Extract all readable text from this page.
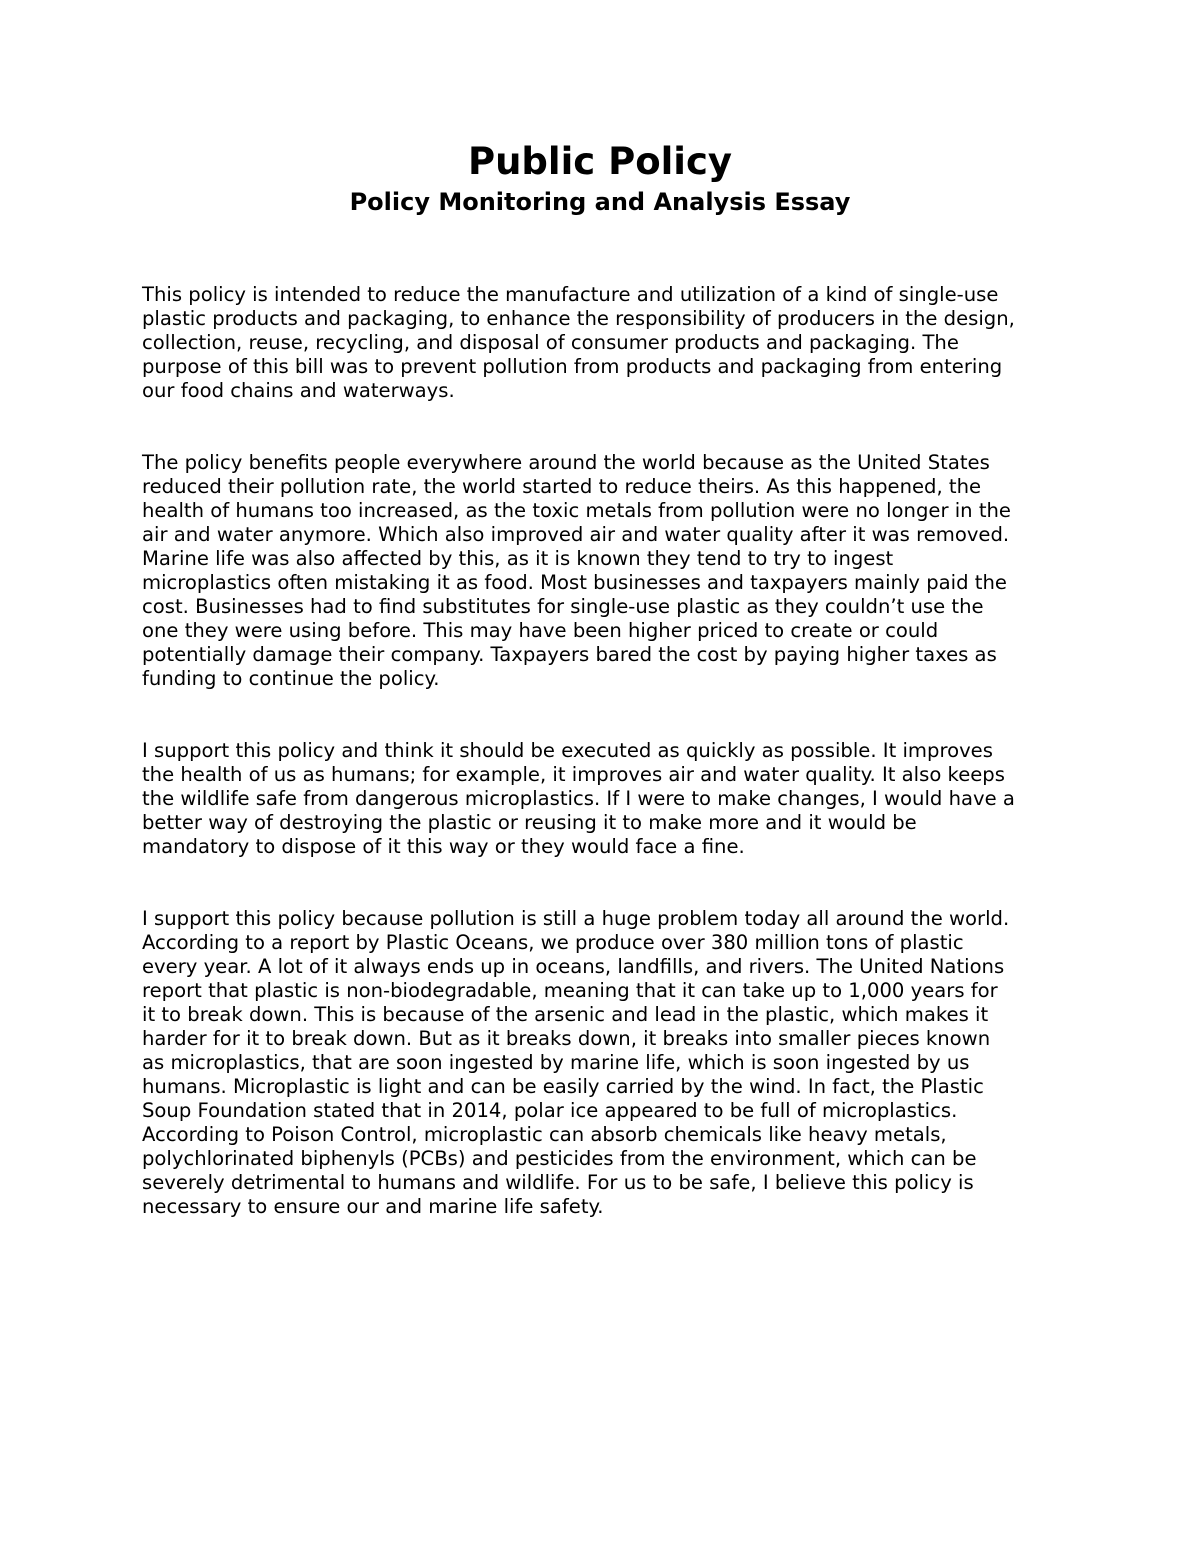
Public Policy
Policy Monitoring and Analysis Essay

This policy is intended to reduce the manufacture and utilization of a kind of single-use
plastic products and packaging, to enhance the responsibility of producers in the design,
collection, reuse, recycling, and disposal of consumer products and packaging. The
purpose of this bill was to prevent pollution from products and packaging from entering
our food chains and waterways.

The policy benefits people everywhere around the world because as the United States
reduced their pollution rate, the world started to reduce theirs. As this happened, the
health of humans too increased, as the toxic metals from pollution were no longer in the
air and water anymore. Which also improved air and water quality after it was removed.
Marine life was also affected by this, as it is known they tend to try to ingest
microplastics often mistaking it as food. Most businesses and taxpayers mainly paid the
cost. Businesses had to find substitutes for single-use plastic as they couldn’t use the
one they were using before. This may have been higher priced to create or could
potentially damage their company. Taxpayers bared the cost by paying higher taxes as
funding to continue the policy.

I support this policy and think it should be executed as quickly as possible. It improves
the health of us as humans; for example, it improves air and water quality. It also keeps
the wildlife safe from dangerous microplastics. If I were to make changes, I would have a
better way of destroying the plastic or reusing it to make more and it would be
mandatory to dispose of it this way or they would face a fine.

I support this policy because pollution is still a huge problem today all around the world.
According to a report by Plastic Oceans, we produce over 380 million tons of plastic
every year. A lot of it always ends up in oceans, landfills, and rivers. The United Nations
report that plastic is non-biodegradable, meaning that it can take up to 1,000 years for
it to break down. This is because of the arsenic and lead in the plastic, which makes it
harder for it to break down. But as it breaks down, it breaks into smaller pieces known
as microplastics, that are soon ingested by marine life, which is soon ingested by us
humans. Microplastic is light and can be easily carried by the wind. In fact, the Plastic
Soup Foundation stated that in 2014, polar ice appeared to be full of microplastics.
According to Poison Control, microplastic can absorb chemicals like heavy metals,
polychlorinated biphenyls (PCBs) and pesticides from the environment, which can be
severely detrimental to humans and wildlife. For us to be safe, I believe this policy is
necessary to ensure our and marine life safety.
